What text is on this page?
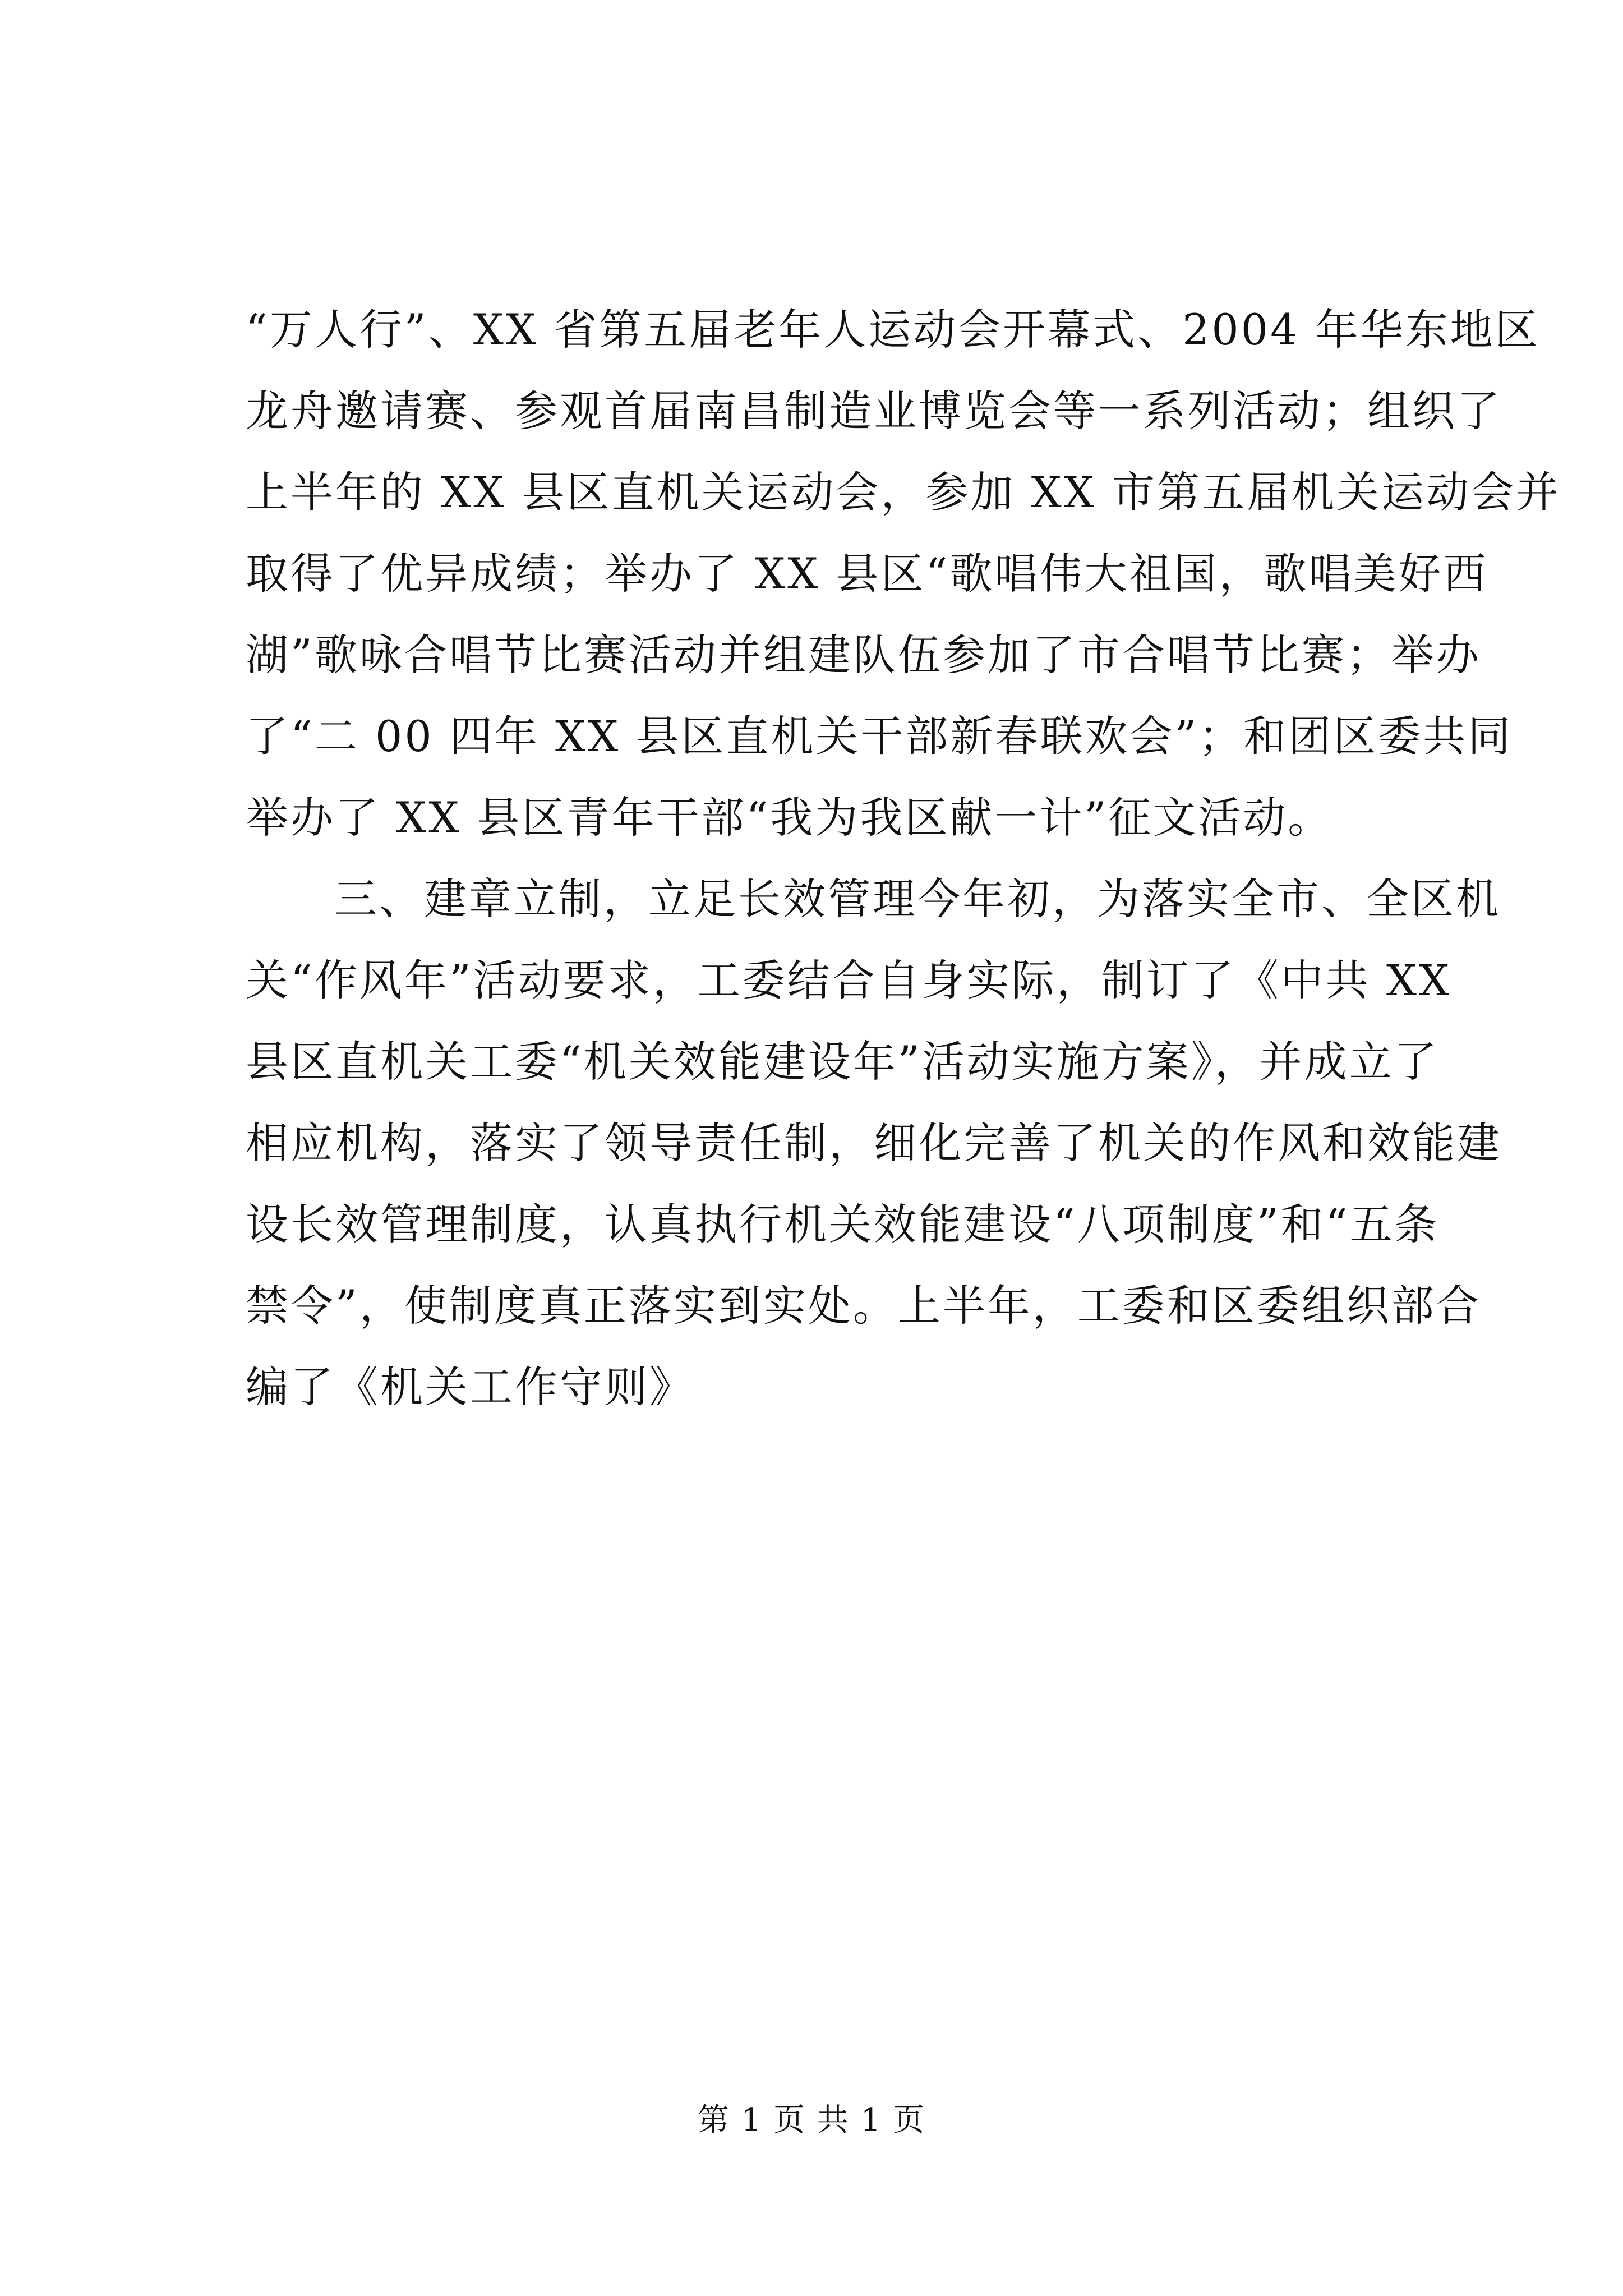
“万人行”、XX 省第五届老年人运动会开幕式、2004 年华东地区
龙舟邀请赛、参观首届南昌制造业博览会等一系列活动；组织了
上半年的 XX 县区直机关运动会，参加 XX 市第五届机关运动会并
取得了优异成绩；举办了 XX 县区“歌唱伟大祖国，歌唱美好西
湖”歌咏合唱节比赛活动并组建队伍参加了市合唱节比赛；举办
了“二 00 四年 XX 县区直机关干部新春联欢会”；和团区委共同
举办了 XX 县区青年干部“我为我区献一计”征文活动。
三、建章立制，立足长效管理今年初，为落实全市、全区机
关“作风年”活动要求，工委结合自身实际，制订了《中共 XX
县区直机关工委“机关效能建设年”活动实施方案》，并成立了
相应机构，落实了领导责任制，细化完善了机关的作风和效能建
设长效管理制度，认真执行机关效能建设“八项制度”和“五条
禁令”，使制度真正落实到实处。上半年，工委和区委组织部合
编了《机关工作守则》
第 1 页 共 1 页
